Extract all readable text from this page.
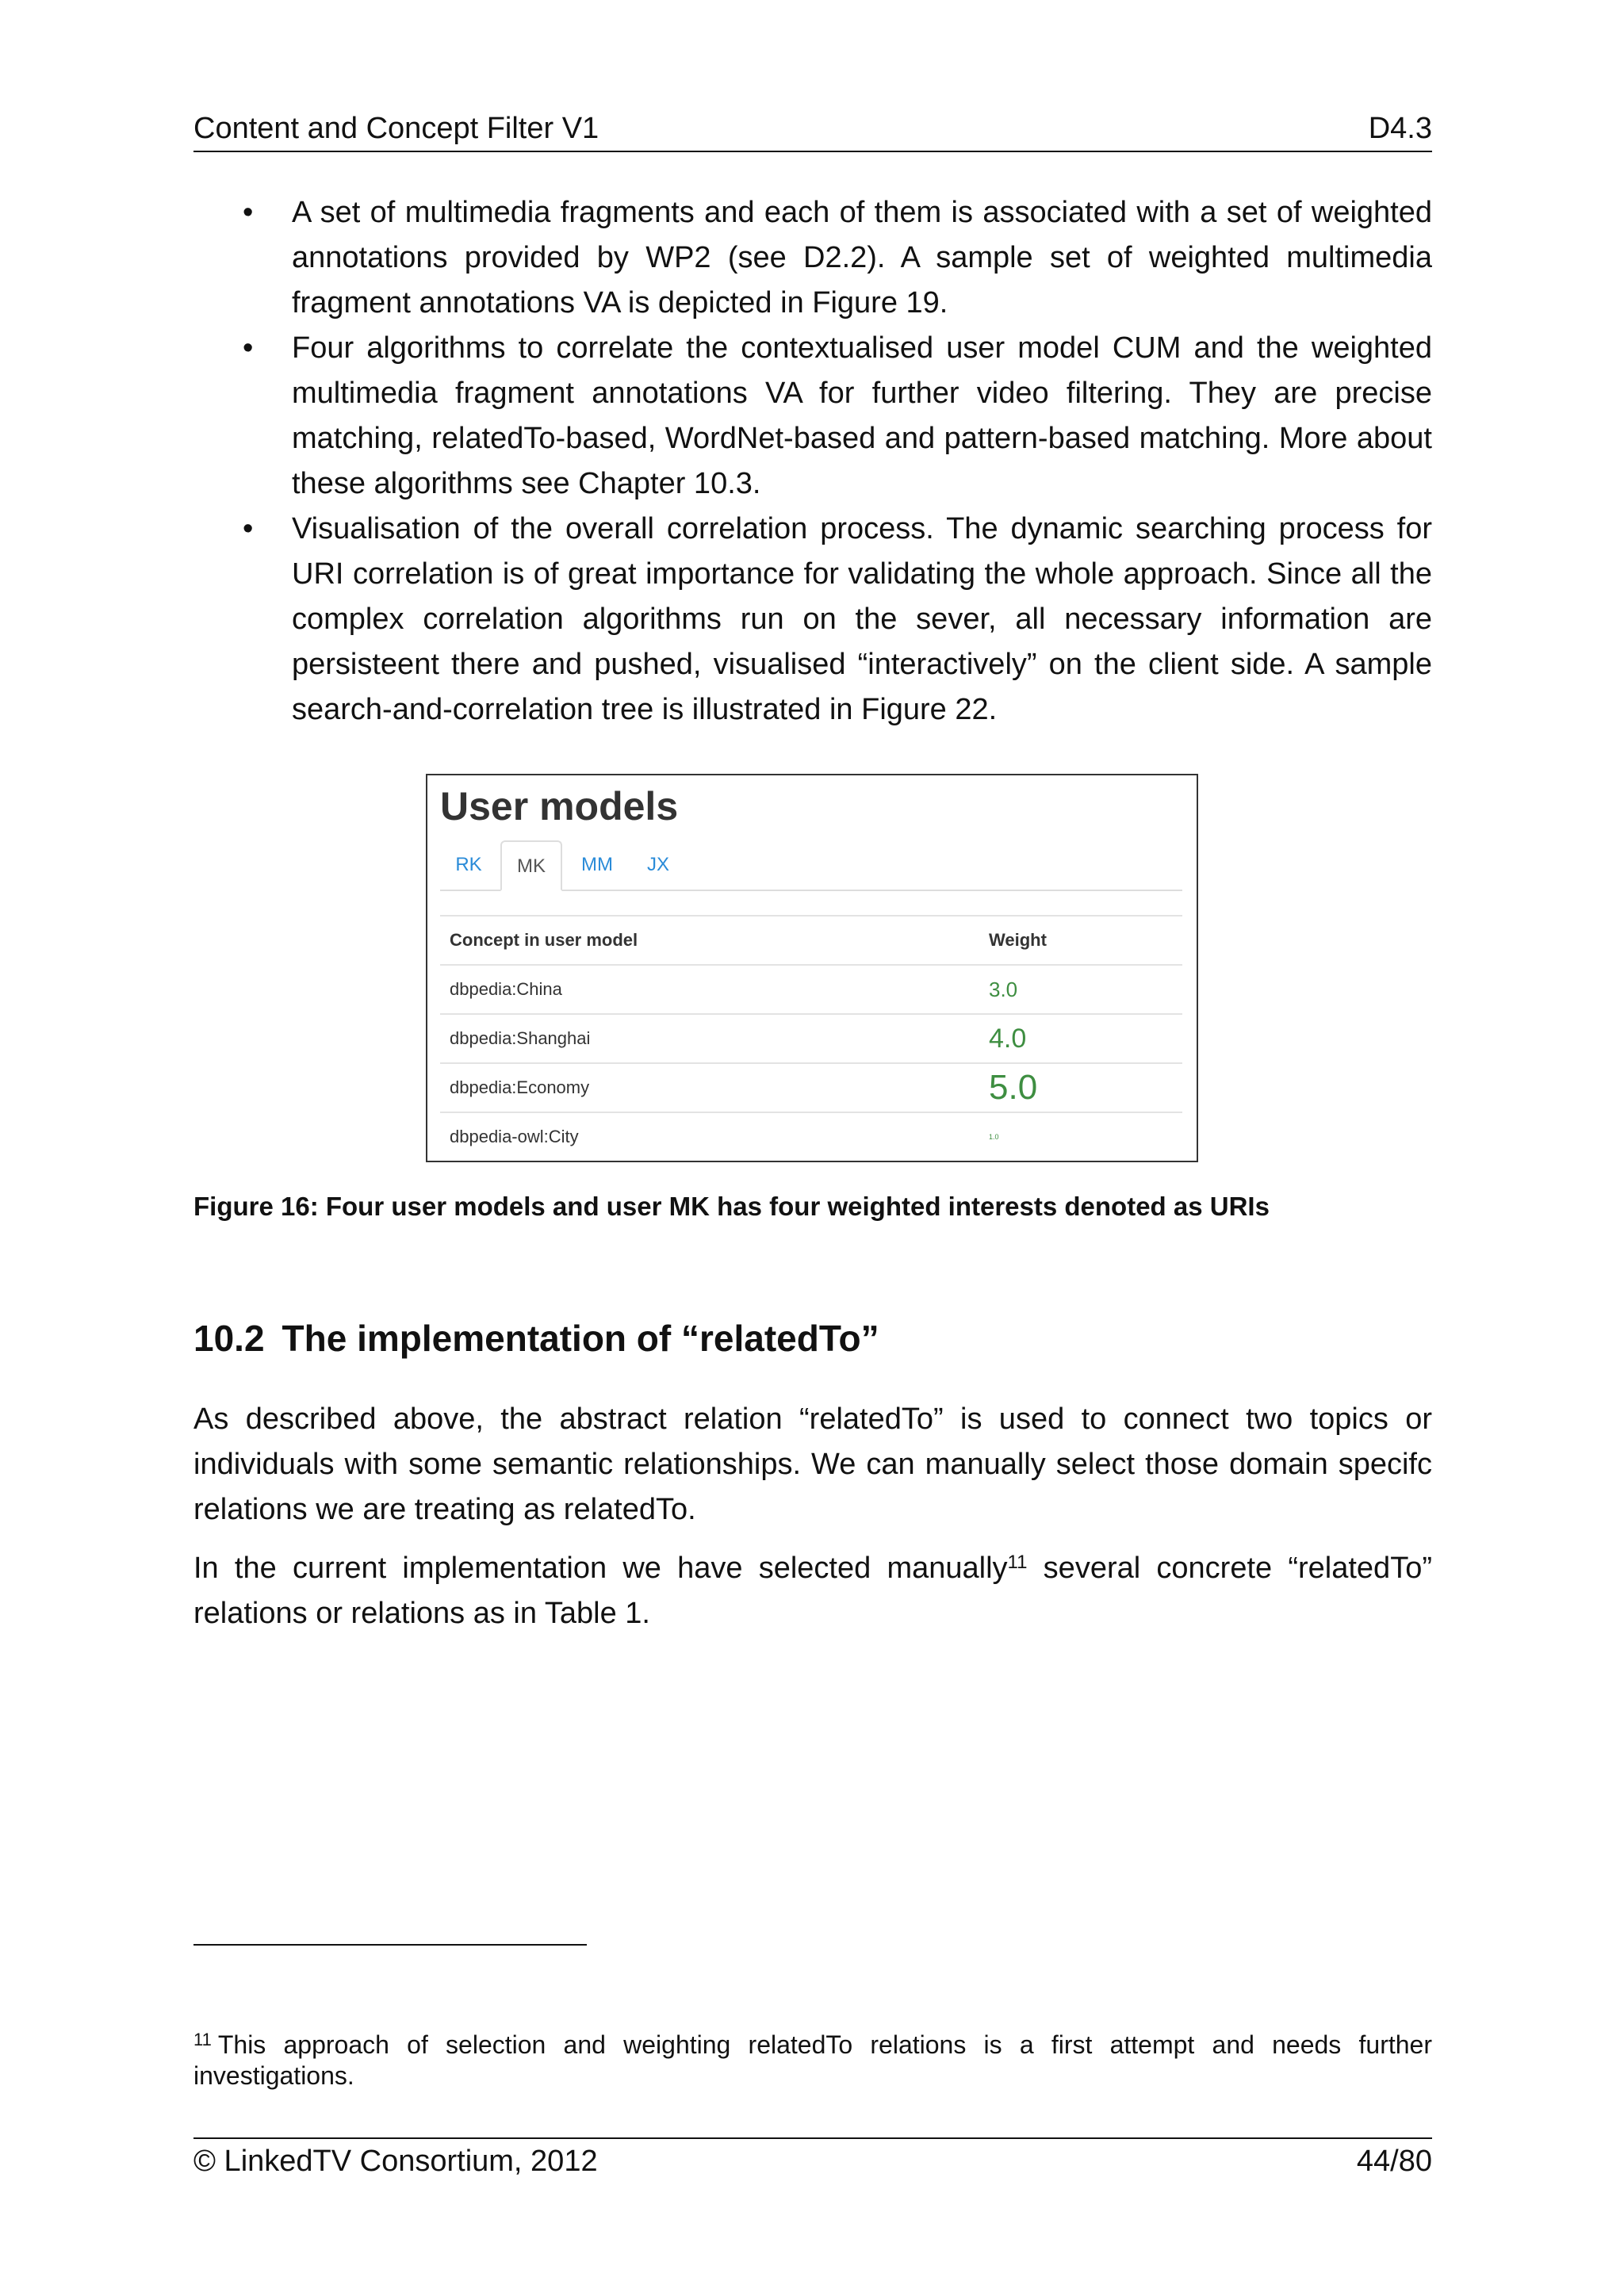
Content and Concept Filter V1	D4.3
• A set of multimedia fragments and each of them is associated with a set of weighted annotations provided by WP2 (see D2.2). A sample set of weighted multimedia fragment annotations VA is depicted in Figure 19.
• Four algorithms to correlate the contextualised user model CUM and the weighted multimedia fragment annotations VA for further video filtering. They are precise matching, relatedTo-based, WordNet-based and pattern-based matching. More about these algorithms see Chapter 10.3.
• Visualisation of the overall correlation process. The dynamic searching process for URI correlation is of great importance for validating the whole approach. Since all the complex correlation algorithms run on the sever, all necessary information are persisteent there and pushed, visualised “interactively” on the client side. A sample search-and-correlation tree is illustrated in Figure 22.
User models
RK	MK	MM	JX
Concept in user model	Weight
dbpedia:China	3.0
dbpedia:Shanghai	4.0
dbpedia:Economy	5.0
dbpedia-owl:City	1.0
Figure 16: Four user models and user MK has four weighted interests denoted as URIs
10.2 The implementation of “relatedTo”

As described above, the abstract relation “relatedTo” is used to connect two topics or individuals with some semantic relationships. We can manually select those domain specifc relations we are treating as relatedTo.

In the current implementation we have selected manually$^{11}$ several concrete “relatedTo” relations or relations as in Table 1.

$^{11}$ This approach of selection and weighting relatedTo relations is a first attempt and needs further investigations.

© LinkedTV Consortium, 2012	44/80
